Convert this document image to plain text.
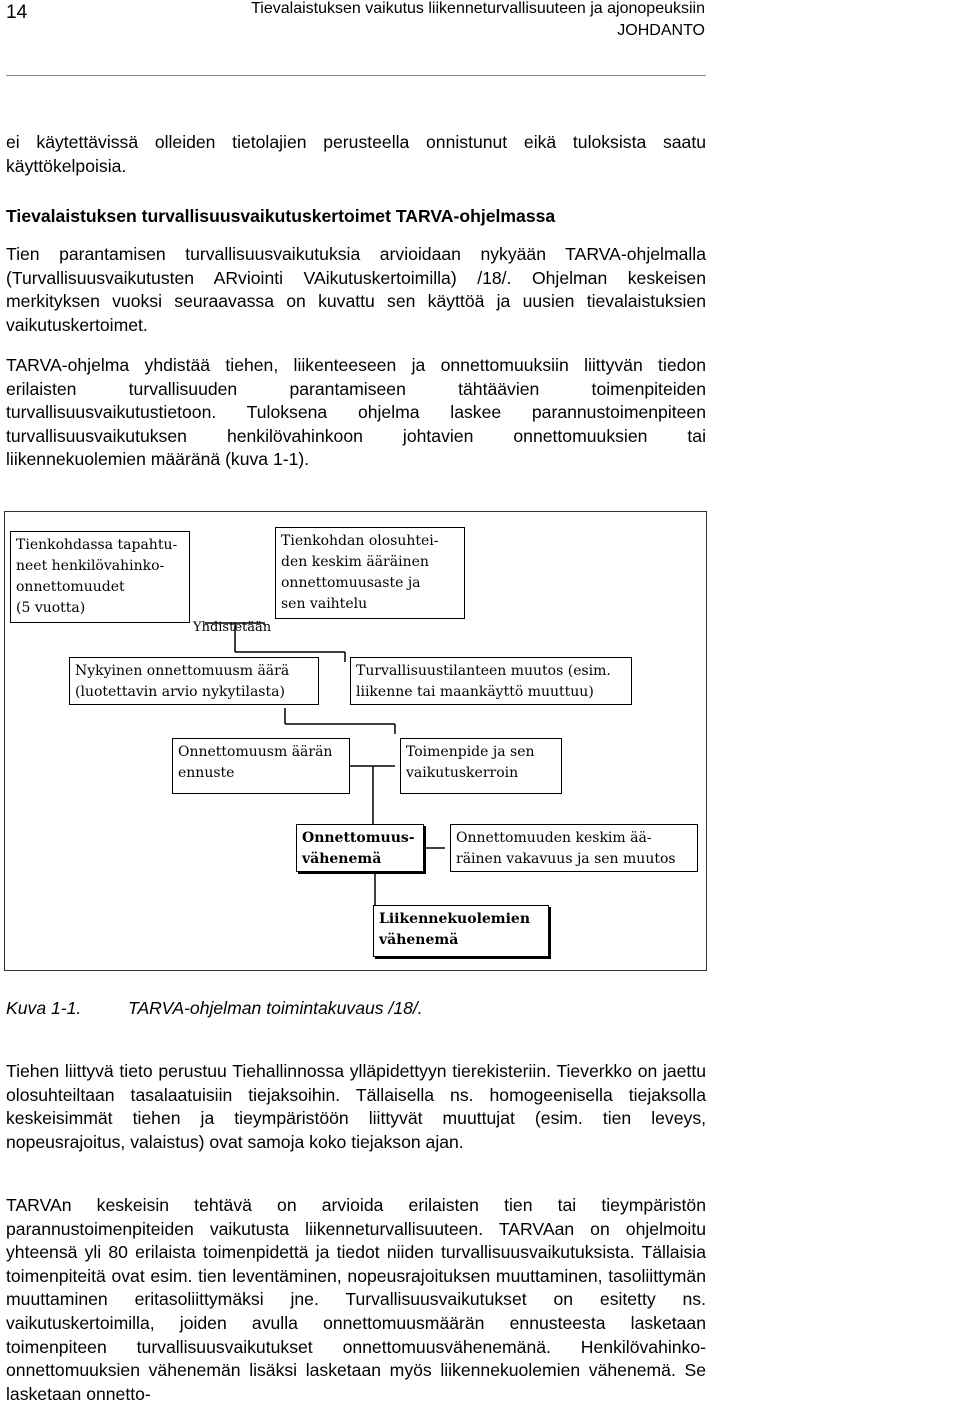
14	Tievalaistuksen vaikutus liikenneturvallisuuteen ja ajonopeuksiin
JOHDANTO

ei käytettävissä olleiden tietolajien perusteella onnistunut eikä tuloksista saatu käyttökelpoisia.

Tievalaistuksen turvallisuusvaikutuskertoimet TARVA-ohjelmassa

Tien parantamisen turvallisuusvaikutuksia arvioidaan nykyään TARVA-ohjelmalla (Turvallisuusvaikutusten ARviointi VAikutuskertoimilla) /18/. Ohjelman keskeisen merkityksen vuoksi seuraavassa on kuvattu sen käyttöä ja uusien tievalaistuksien vaikutuskertoimet.

TARVA-ohjelma yhdistää tiehen, liikenteeseen ja onnettomuuksiin liittyvän tiedon erilaisten turvallisuuden parantamiseen tähtäävien toimenpiteiden turvallisuusvaikutustietoon. Tuloksena ohjelma laskee parannustoimenpiteen turvallisuusvaikutuksen henkilövahinkoon johtavien onnettomuuksien tai liikennekuolemien määränä (kuva 1-1).

Tienkohdassa tapahtu-
neet henkilövahinko-
onnettomuudet
(5 vuotta)
Tienkohdan olosuhtei-
den keskim ääräinen
onnettomuusaste ja
sen vaihtelu
Yhdistetään
Nykyinen onnettomuusm äärä
(luotettavin arvio nykytilasta)
Turvallisuustilanteen muutos (esim.
liikenne tai maankäyttö muuttuu)
Onnettomuusm äärän
ennuste
Toimenpide ja sen
vaikutuskerroin
Onnettomuus-
vähenemä
Onnettomuuden keskim ää-
räinen vakavuus ja sen muutos
Liikennekuolemien
vähenemä
Kuva 1-1.	TARVA-ohjelman toimintakuvaus /18/.

Tiehen liittyvä tieto perustuu Tiehallinnossa ylläpidettyyn tierekisteriin. Tieverkko on jaettu olosuhteiltaan tasalaatuisiin tiejaksoihin. Tällaisella ns. homogeenisella tiejaksolla keskeisimmät tiehen ja tieympäristöön liittyvät muuttujat (esim. tien leveys, nopeusrajoitus, valaistus) ovat samoja koko tiejakson ajan.

TARVAn keskeisin tehtävä on arvioida erilaisten tien tai tieympäristön parannustoimenpiteiden vaikutusta liikenneturvallisuuteen. TARVAan on ohjelmoitu yhteensä yli 80 erilaista toimenpidettä ja tiedot niiden turvallisuusvaikutuksista. Tällaisia toimenpiteitä ovat esim. tien leventäminen, nopeusrajoituksen muuttaminen, tasoliittymän muuttaminen eritasoliittymäksi jne. Turvallisuusvaikutukset on esitetty ns. vaikutuskertoimilla, joiden avulla onnettomuusmäärän ennusteesta lasketaan toimenpiteen turvallisuusvaikutukset onnettomuusvähenemänä. Henkilövahinko-onnettomuuksien vähenemän lisäksi lasketaan myös liikennekuolemien vähenemä. Se lasketaan onnetto-
